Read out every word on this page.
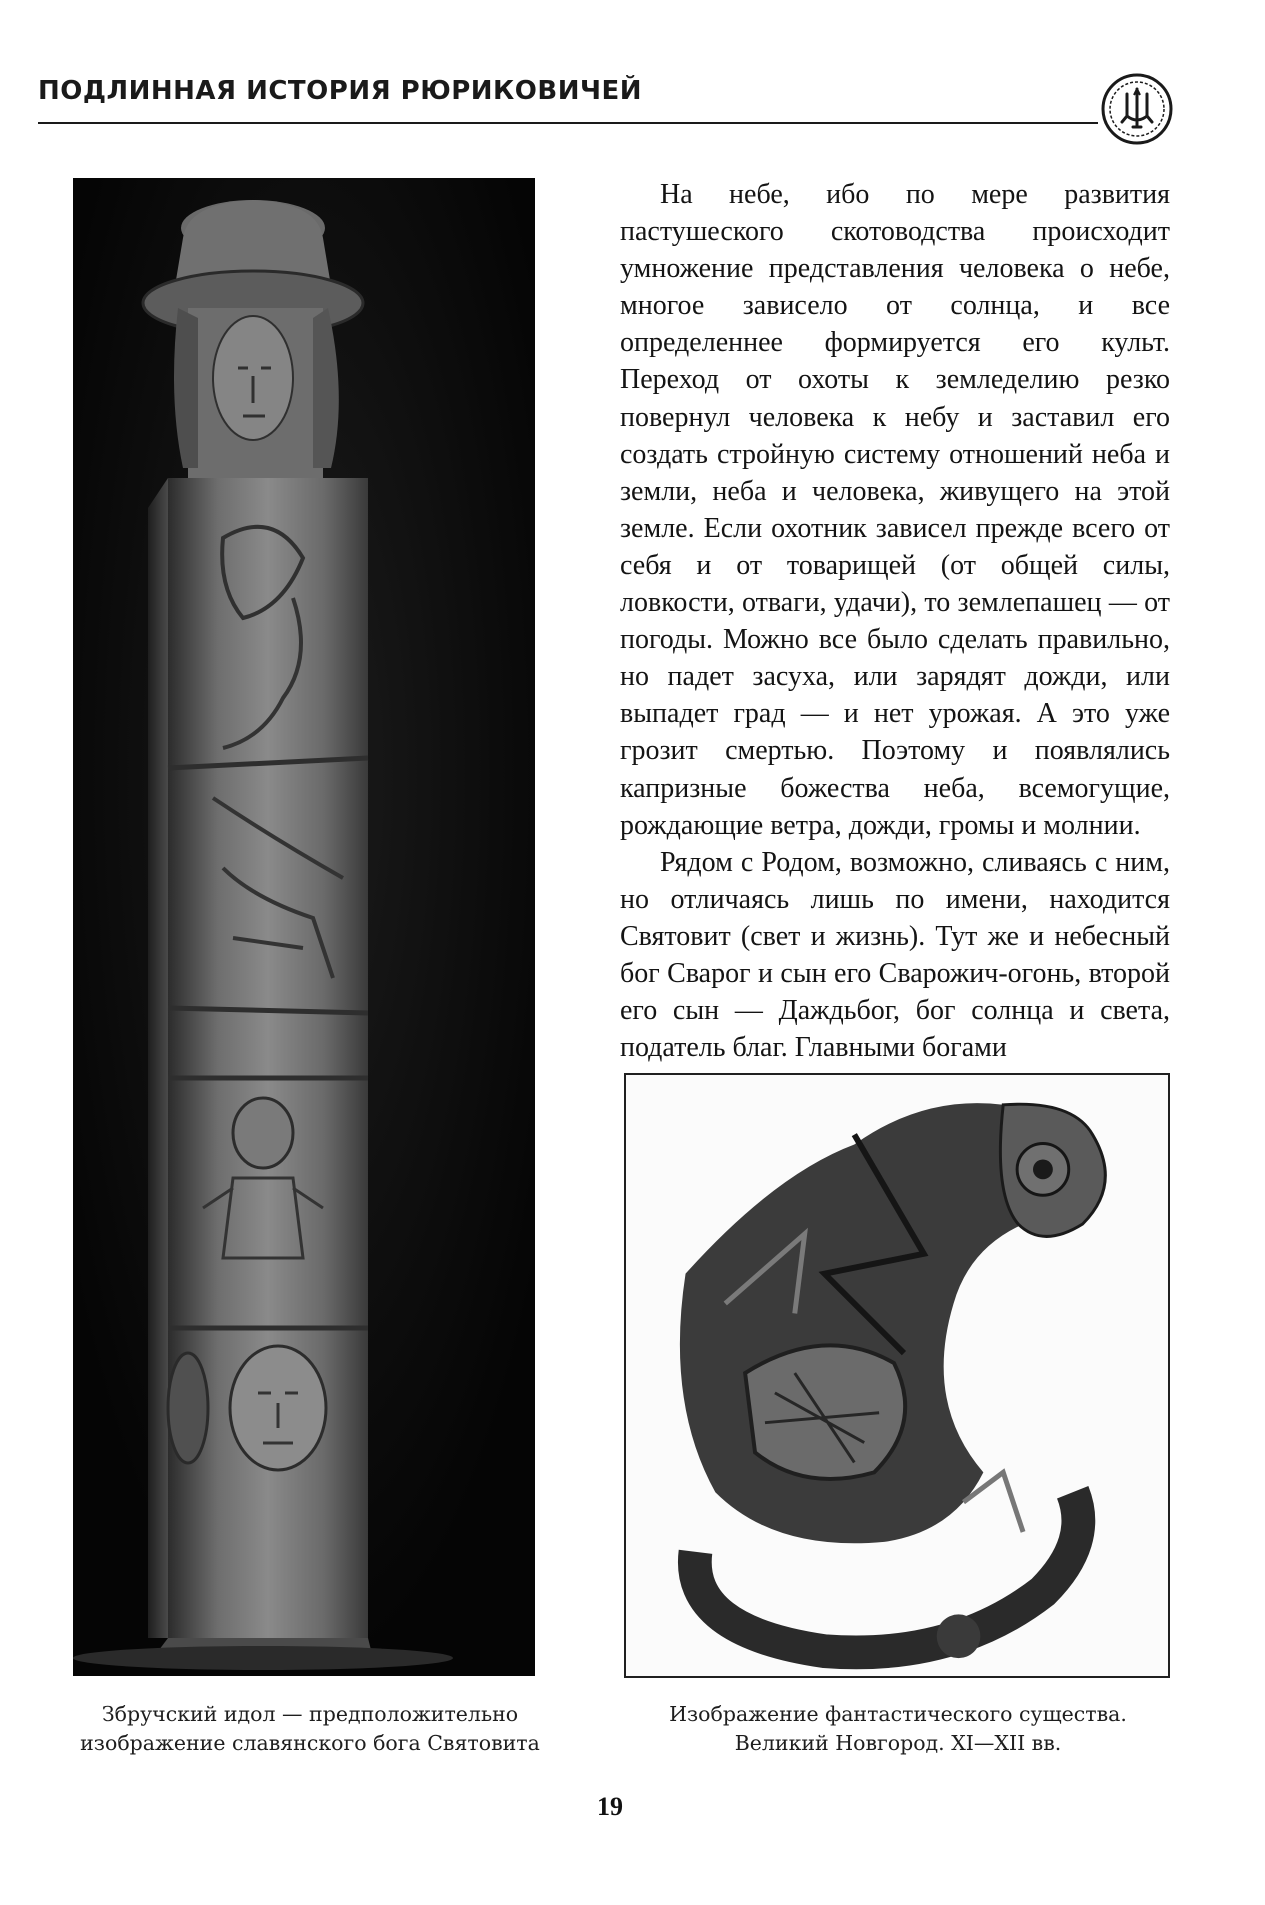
ПОДЛИННАЯ ИСТОРИЯ РЮРИКОВИЧЕЙ

На небе, ибо по мере развития пастушеского скотоводства происходит умножение представления человека о небе, многое зависело от солнца, и все определеннее формируется его культ. Переход от охоты к земледелию резко повернул человека к небу и заставил его создать стройную систему отношений неба и земли, неба и человека, живущего на этой земле. Если охотник зависел прежде всего от себя и от товарищей (от общей силы, ловкости, отваги, удачи), то землепашец — от погоды. Можно все было сделать правильно, но падет засуха, или зарядят дожди, или выпадет град — и нет урожая. А это уже грозит смертью. Поэтому и появлялись капризные божества неба, всемогущие, рождающие ветра, дожди, громы и молнии.

Рядом с Родом, возможно, сливаясь с ним, но отличаясь лишь по имени, находится Святовит (свет и жизнь). Тут же и небесный бог Сварог и сын его Сварожич-огонь, второй его сын — Даждьбог, бог солнца и света, податель благ. Главными богами

Збручский идол — предположительно
изображение славянского бога Святовита
Изображение фантастического существа.
Великий Новгород. XI—XII вв.
19
